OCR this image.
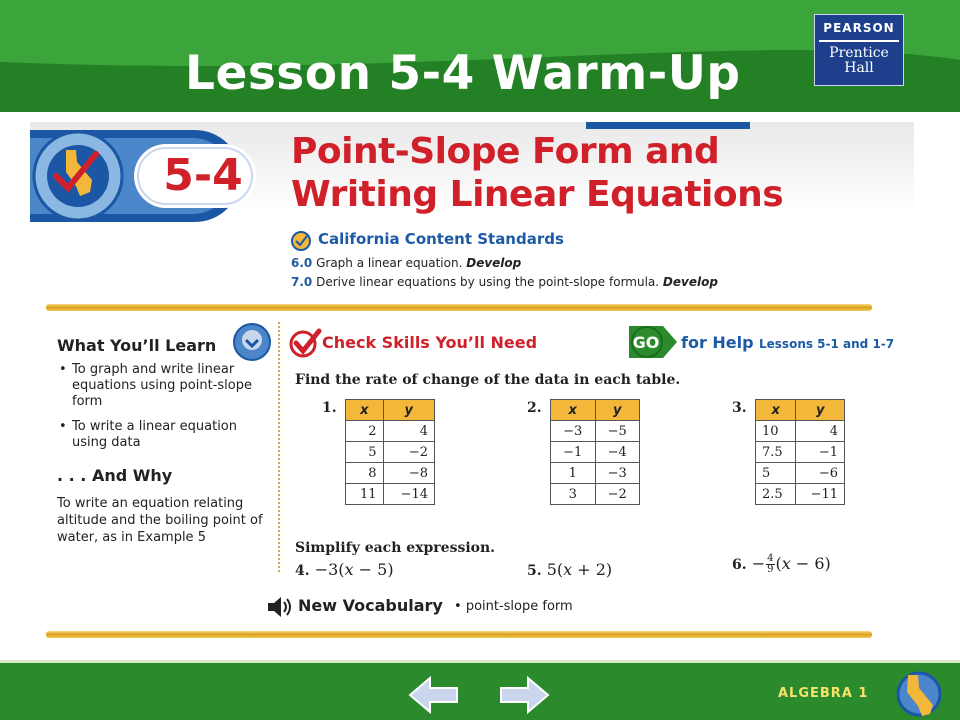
Lesson 5-4 Warm-Up
PEARSON
Prentice
Hall
5-4	Point-Slope Form and
Writing Linear Equations
California Content Standards
6.0 Graph a linear equation. Develop
7.0 Derive linear equations by using the point-slope formula. Develop
What You’ll Learn
• To graph and write linear equations using point-slope form
• To write a linear equation using data
. . . And Why
To write an equation relating altitude and the boiling point of water, as in Example 5
Check Skills You’ll Need	GO for Help Lessons 5-1 and 1-7
Find the rate of change of the data in each table.
1. x	y
2	4
5	−2
8	−8
11	−14
2. x	y
−3	−5
−1	−4
1	−3
3	−2
3. x	y
10	4
7.5	−1
5	−6
2.5	−11
Simplify each expression.
4. −3(x − 5)	5. 5(x + 2)	6. − $\frac{4}{9} (x - 6)$
New Vocabulary • point-slope form
ALGEBRA 1
